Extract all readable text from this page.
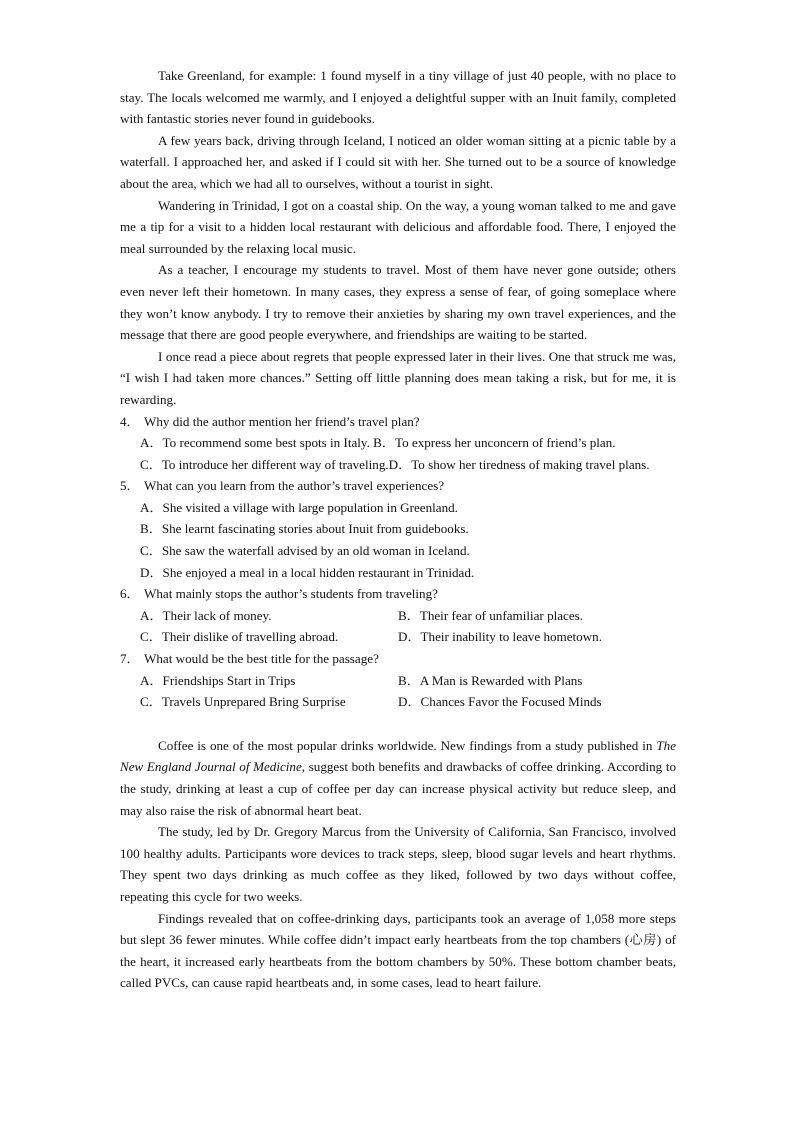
Take Greenland, for example: 1 found myself in a tiny village of just 40 people, with no place to stay. The locals welcomed me warmly, and I enjoyed a delightful supper with an Inuit family, completed with fantastic stories never found in guidebooks.

A few years back, driving through Iceland, I noticed an older woman sitting at a picnic table by a waterfall. I approached her, and asked if I could sit with her. She turned out to be a source of knowledge about the area, which we had all to ourselves, without a tourist in sight.

Wandering in Trinidad, I got on a coastal ship. On the way, a young woman talked to me and gave me a tip for a visit to a hidden local restaurant with delicious and affordable food. There, I enjoyed the meal surrounded by the relaxing local music.

As a teacher, I encourage my students to travel. Most of them have never gone outside; others even never left their hometown. In many cases, they express a sense of fear, of going someplace where they won’t know anybody. I try to remove their anxieties by sharing my own travel experiences, and the message that there are good people everywhere, and friendships are waiting to be started.

I once read a piece about regrets that people expressed later in their lives. One that struck me was, “I wish I had taken more chances.” Setting off little planning does mean taking a risk, but for me, it is rewarding.

4． Why did the author mention her friend’s travel plan?

A．To recommend some best spots in Italy. B．To express her unconcern of friend’s plan.
C．To introduce her different way of traveling.D．To show her tiredness of making travel plans.

5． What can you learn from the author’s travel experiences?

A．She visited a village with large population in Greenland.
B．She learnt fascinating stories about Inuit from guidebooks.
C．She saw the waterfall advised by an old woman in Iceland.
D．She enjoyed a meal in a local hidden restaurant in Trinidad.

6． What mainly stops the author’s students from traveling?

A．Their lack of money.	B．Their fear of unfamiliar places.
C．Their dislike of travelling abroad.	D．Their inability to leave hometown.

7． What would be the best title for the passage?

A．Friendships Start in Trips	B．A Man is Rewarded with Plans
C．Travels Unprepared Bring Surprise	D．Chances Favor the Focused Minds

Coffee is one of the most popular drinks worldwide. New findings from a study published in The New England Journal of Medicine, suggest both benefits and drawbacks of coffee drinking. According to the study, drinking at least a cup of coffee per day can increase physical activity but reduce sleep, and may also raise the risk of abnormal heart beat.

The study, led by Dr. Gregory Marcus from the University of California, San Francisco, involved 100 healthy adults. Participants wore devices to track steps, sleep, blood sugar levels and heart rhythms. They spent two days drinking as much coffee as they liked, followed by two days without coffee, repeating this cycle for two weeks.

Findings revealed that on coffee-drinking days, participants took an average of 1,058 more steps but slept 36 fewer minutes. While coffee didn’t impact early heartbeats from the top chambers (心房) of the heart, it increased early heartbeats from the bottom chambers by 50%. These bottom chamber beats, called PVCs, can cause rapid heartbeats and, in some cases, lead to heart failure.
